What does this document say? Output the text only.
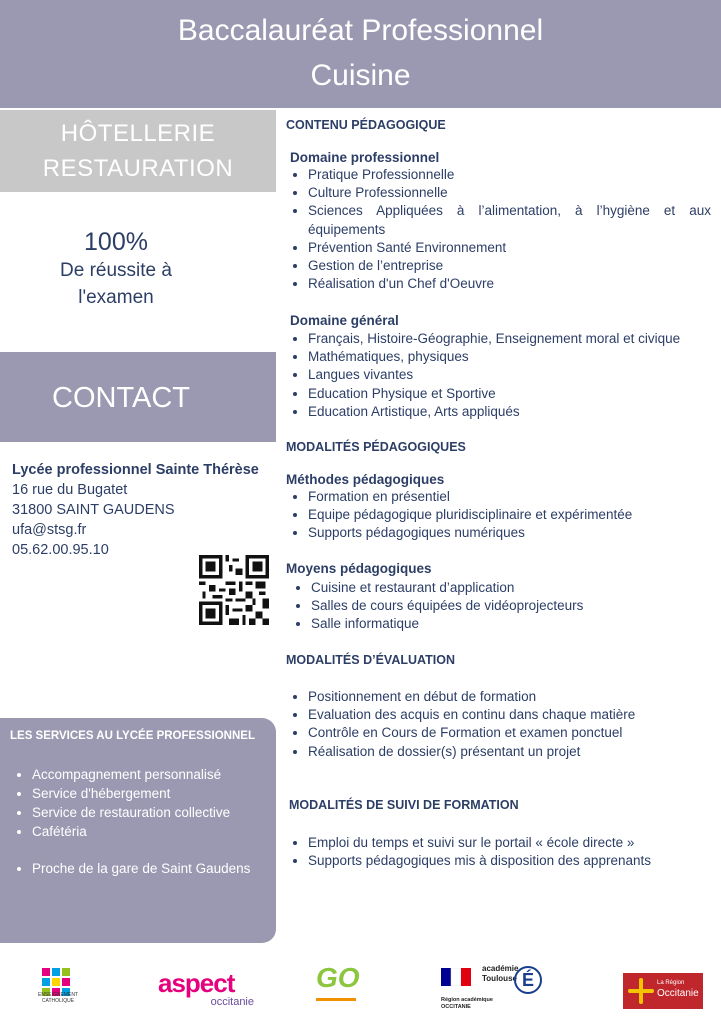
Baccalauréat Professionnel
Cuisine
HÔTELLERIE
RESTAURATION
100%
De réussite à
l'examen
CONTACT
Lycée professionnel Sainte Thérèse
16 rue du Bugatet
31800 SAINT GAUDENS
ufa@stsg.fr
05.62.00.95.10
LES SERVICES AU LYCÉE PROFESSIONNEL
• Accompagnement personnalisé
• Service d'hébergement
• Service de restauration collective
• Cafétéria
• Proche de la gare de Saint Gaudens
CONTENU PÉDAGOGIQUE
Domaine professionnel
• Pratique Professionnelle
• Culture Professionnelle
• Sciences Appliquées à l’alimentation, à l’hygiène et aux équipements
• Prévention Santé Environnement
• Gestion de l’entreprise
• Réalisation d'un Chef d'Oeuvre
Domaine général
• Français, Histoire-Géographie, Enseignement moral et civique
• Mathématiques, physiques
• Langues vivantes
• Education Physique et Sportive
• Education Artistique, Arts appliqués
MODALITÉS PÉDAGOGIQUES
Méthodes pédagogiques
• Formation en présentiel
• Equipe pédagogique pluridisciplinaire et expérimentée
• Supports pédagogiques numériques
Moyens pédagogiques
• Cuisine et restaurant d’application
• Salles de cours équipées de vidéoprojecteurs
• Salle informatique
MODALITÉS D’ÉVALUATION
• Positionnement en début de formation
• Evaluation des acquis en continu dans chaque matière
• Contrôle en Cours de Formation et examen ponctuel
• Réalisation de dossier(s) présentant un projet
MODALITÉS DE SUIVI DE FORMATION
• Emploi du temps et suivi sur le portail « école directe »
• Supports pédagogiques mis à disposition des apprenants
ENSEIGNEMENT CATHOLIQUE
aspect
occitanie
GO	académie Toulouse É
Région académique
OCCITANIE
La Région
Occitanie
